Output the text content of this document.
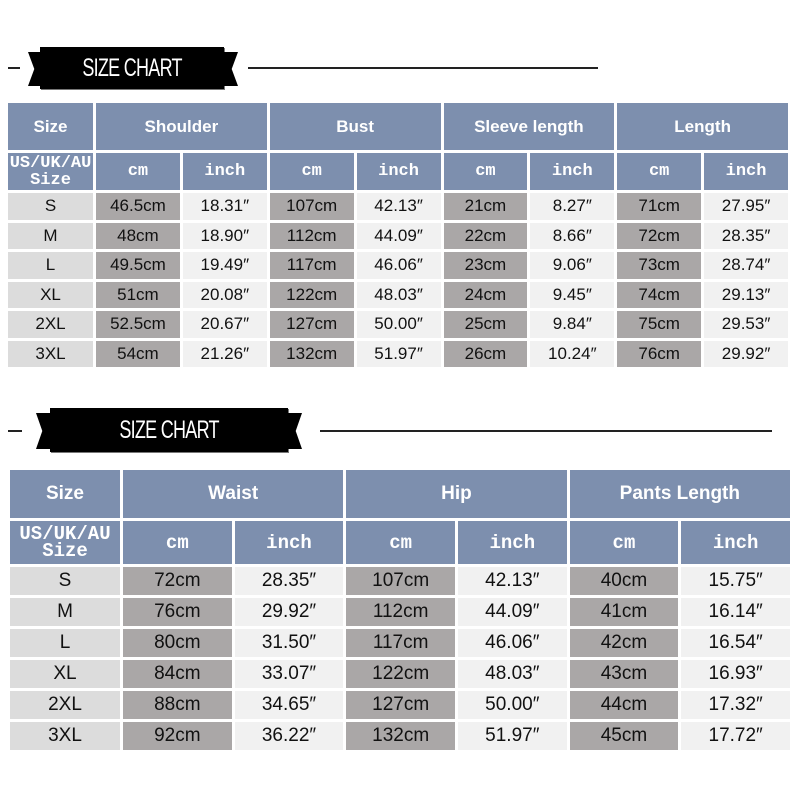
SIZE CHART
Size	Shoulder		Bust		Sleeve length		Length	
US/UK/AU Size	cm	inch	cm	inch	cm	inch	cm	inch
S	46.5cm	18.31″	107cm	42.13″	21cm	8.27″	71cm	27.95″
M	48cm	18.90″	112cm	44.09″	22cm	8.66″	72cm	28.35″
L	49.5cm	19.49″	117cm	46.06″	23cm	9.06″	73cm	28.74″
XL	51cm	20.08″	122cm	48.03″	24cm	9.45″	74cm	29.13″
2XL	52.5cm	20.67″	127cm	50.00″	25cm	9.84″	75cm	29.53″
3XL	54cm	21.26″	132cm	51.97″	26cm	10.24″	76cm	29.92″
SIZE CHART
Size	Waist		Hip		Pants Length	
US/UK/AU Size	cm	inch	cm	inch	cm	inch
S	72cm	28.35″	107cm	42.13″	40cm	15.75″
M	76cm	29.92″	112cm	44.09″	41cm	16.14″
L	80cm	31.50″	117cm	46.06″	42cm	16.54″
XL	84cm	33.07″	122cm	48.03″	43cm	16.93″
2XL	88cm	34.65″	127cm	50.00″	44cm	17.32″
3XL	92cm	36.22″	132cm	51.97″	45cm	17.72″
